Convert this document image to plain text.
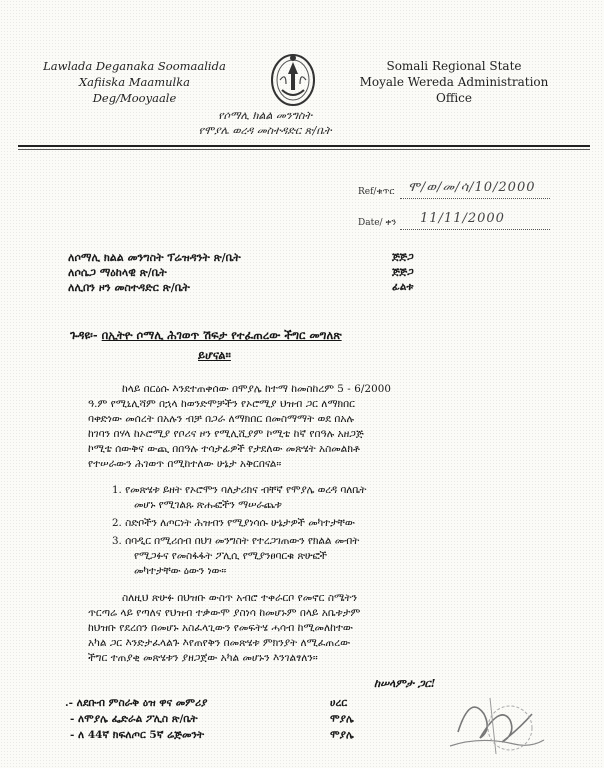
Lawlada Deganaka Soomaalida
Xafiiska Maamulka
Deg/Mooyaale
Somali Regional State
Moyale Wereda Administration
Office
የሶማሊ ክልል መንግስት
የሞያሌ ወረዳ መስተዳድር ጽ/ቤት
Ref/ቁጥር ሞ/ወ/መ/ሳ/10/2000
Date/ ቀን 11/11/2000
ለሶማሊ ክልል መንግስት ፕሬዝዳንት ጽ/ቤት	ጅጅጋ
ለሶሴጋ ማዕከላዊ ጽ/ቤት	ጅጅጋ
ለሊበን ዞን መስተዳድር ጽ/ቤት	ፊልቱ
ጉዳዩ፡- በኢትዮ ሶማሊ ሕገወጥ ሽፍታ የተፈጠረው ችግር መግለጽ
ይሆናል።
ከላይ በርዕሱ እንደተጠቀሰው በሞያሌ ከተማ ከመስከረም 5 - 6/2000
ዓ.ም የሚኒሊሻም በኋላ ከወንድሞቻችን የኦሮሚያ ህዝብ ጋር ለማክበር
ባቀድነው መሰረት በአሉን ብቻ በጋራ ለማክበር በመስማማት ወደ በአሉ
ከገባን በሃላ ከኦሮሚያ የቦሪና ዞን የሚሊሺያም ኮሚቴ ከኛ የበዓሉ አዘጋጅ
ኮሚቴ ሰውቅና ውጪ በበዓሉ ተሳታፊዎች የታደለው መጽሄት አስመልክቶ
የተሠራውን ሕገወጥ በሚከተለው ሁኔታ አቅርበናል።
1. የመጽሄቱ ይዘት የኦሮሞን ባለታሪክና ብቸኛ የሞያሌ ወረዳ ባለቤት
መሆኑ የሚገልጹ ጽሑፎችን ማሠራጨቱ
2. ስድቦችን ለጦርነት ሕዝብን የሚያነሳሱ ሁኔታዎች መካተታቸው
3. ሰባዲር በሚሪሰብ በህገ መንግስት የተረጋገጠውን የክልል መብት
የሚጋፉና የመስፋፋት ፖሊሲ የሚያንፀባርቁ ጽሁፎች
መካተታቸው ዕውን ነው።
ስለዚህ ጽሁፉ በህዝቡ ውስጥ አብሮ ተቀራርቦ የመኖር ስሜትን
ጥርጣሬ ላይ የጣለና የህዝብ ተቃውሞ ያስነሳ ከመሆኑም በላይ አቤቱታም
ከህዝቡ የደረሰን በመሆኑ አስፈላጊውን የመፍትሄ ሓሳብ ከሚመለከተው
አካል ጋር እንድታፈላልጉ እየጠየቅን በመጽሄቱ ምክንያት ለሚፈጠረው
ችግር ተጠያቂ መጽሄቱን ያዘጋጀው አካል መሆኑን እንገልፃለን።
ከሠላምታ ጋር!
.- ለደቡብ ምስራቅ ዕዝ ዋና መምሪያ	ሀረር
- ለሞያሌ ፌድራል ፖሊስ ጽ/ቤት	ሞያሌ
- ለ 44ኛ ክፍለጦር 5ኛ ሬጅመንት	ሞያሌ
